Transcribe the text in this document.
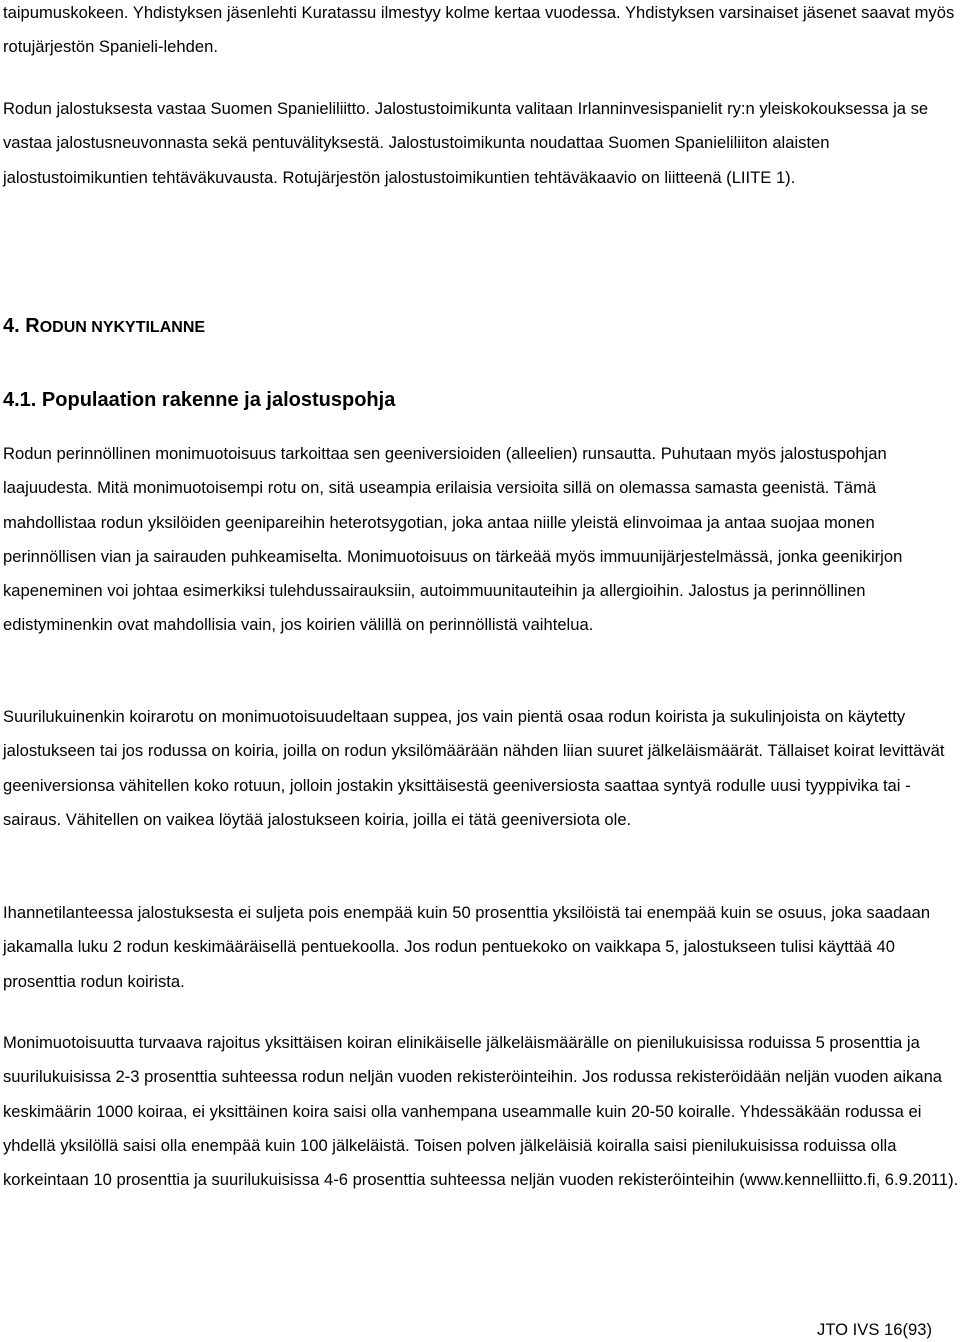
taipumuskokeen. Yhdistyksen jäsenlehti Kuratassu ilmestyy kolme kertaa vuodessa. Yhdistyksen varsinaiset jäsenet saavat myös rotujärjestön Spanieli-lehden.

Rodun jalostuksesta vastaa Suomen Spanieliliitto. Jalostustoimikunta valitaan Irlanninvesispanielit ry:n yleiskokouksessa ja se vastaa jalostusneuvonnasta sekä pentuvälityksestä. Jalostustoimikunta noudattaa Suomen Spanieliliiton alaisten jalostustoimikuntien tehtäväkuvausta. Rotujärjestön jalostustoimikuntien tehtäväkaavio on liitteenä (LIITE 1).

4. RODUN NYKYTILANNE
4.1. Populaation rakenne ja jalostuspohja

Rodun perinnöllinen monimuotoisuus tarkoittaa sen geeniversioiden (alleelien) runsautta. Puhutaan myös jalostuspohjan laajuudesta. Mitä monimuotoisempi rotu on, sitä useampia erilaisia versioita sillä on olemassa samasta geenistä. Tämä mahdollistaa rodun yksilöiden geenipareihin heterotsygotian, joka antaa niille yleistä elinvoimaa ja antaa suojaa monen perinnöllisen vian ja sairauden puhkeamiselta. Monimuotoisuus on tärkeää myös immuunijärjestelmässä, jonka geenikirjon kapeneminen voi johtaa esimerkiksi tulehdussairauksiin, autoimmuunitauteihin ja allergioihin. Jalostus ja perinnöllinen edistyminenkin ovat mahdollisia vain, jos koirien välillä on perinnöllistä vaihtelua.

Suurilukuinenkin koirarotu on monimuotoisuudeltaan suppea, jos vain pientä osaa rodun koirista ja sukulinjoista on käytetty jalostukseen tai jos rodussa on koiria, joilla on rodun yksilömäärään nähden liian suuret jälkeläismäärät. Tällaiset koirat levittävät geeniversionsa vähitellen koko rotuun, jolloin jostakin yksittäisestä geeniversiosta saattaa syntyä rodulle uusi tyyppivika tai -sairaus. Vähitellen on vaikea löytää jalostukseen koiria, joilla ei tätä geeniversiota ole.

Ihannetilanteessa jalostuksesta ei suljeta pois enempää kuin 50 prosenttia yksilöistä tai enempää kuin se osuus, joka saadaan jakamalla luku 2 rodun keskimääräisellä pentuekoolla. Jos rodun pentuekoko on vaikkapa 5, jalostukseen tulisi käyttää 40 prosenttia rodun koirista.

Monimuotoisuutta turvaava rajoitus yksittäisen koiran elinikäiselle jälkeläismäärälle on pienilukuisissa roduissa 5 prosenttia ja suurilukuisissa 2-3 prosenttia suhteessa rodun neljän vuoden rekisteröinteihin. Jos rodussa rekisteröidään neljän vuoden aikana keskimäärin 1000 koiraa, ei yksittäinen koira saisi olla vanhempana useammalle kuin 20-50 koiralle. Yhdessäkään rodussa ei yhdellä yksilöllä saisi olla enempää kuin 100 jälkeläistä. Toisen polven jälkeläisiä koiralla saisi pienilukuisissa roduissa olla korkeintaan 10 prosenttia ja suurilukuisissa 4-6 prosenttia suhteessa neljän vuoden rekisteröinteihin (www.kennelliitto.fi, 6.9.2011).

JTO IVS 16(93)
